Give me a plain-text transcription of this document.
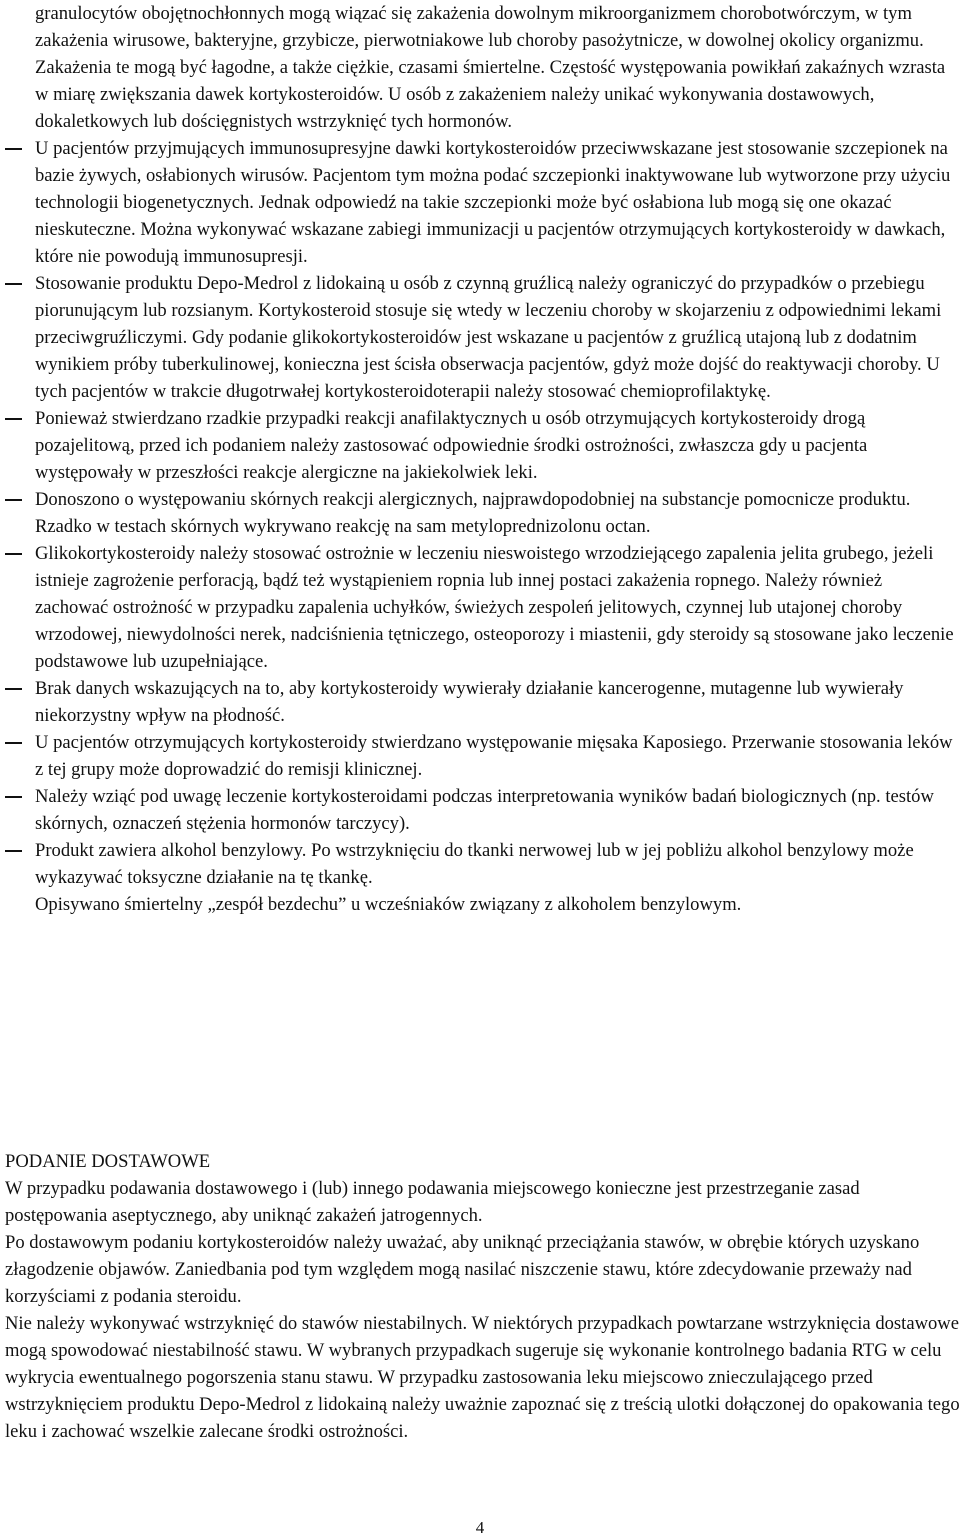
granulocytów obojętnochłonnych mogą wiązać się zakażenia dowolnym mikroorganizmem chorobotwórczym, w tym zakażenia wirusowe, bakteryjne, grzybicze, pierwotniakowe lub choroby pasożytnicze, w dowolnej okolicy organizmu. Zakażenia te mogą być łagodne, a także ciężkie, czasami śmiertelne. Częstość występowania powikłań zakaźnych wzrasta w miarę zwiększania dawek kortykosteroidów. U osób z zakażeniem należy unikać wykonywania dostawowych, dokaletkowych lub dościęgnistych wstrzyknięć tych hormonów.
U pacjentów przyjmujących immunosupresyjne dawki kortykosteroidów przeciwwskazane jest stosowanie szczepionek na bazie żywych, osłabionych wirusów. Pacjentom tym można podać szczepionki inaktywowane lub wytworzone przy użyciu technologii biogenetycznych. Jednak odpowiedź na takie szczepionki może być osłabiona lub mogą się one okazać nieskuteczne. Można wykonywać wskazane zabiegi immunizacji u pacjentów otrzymujących kortykosteroidy w dawkach, które nie powodują immunosupresji.
Stosowanie produktu Depo-Medrol z lidokainą u osób z czynną gruźlicą należy ograniczyć do przypadków o przebiegu piorunującym lub rozsianym. Kortykosteroid stosuje się wtedy w leczeniu choroby w skojarzeniu z odpowiednimi lekami przeciwgruźliczymi. Gdy podanie glikokortykosteroidów jest wskazane u pacjentów z gruźlicą utajoną lub z dodatnim wynikiem próby tuberkulinowej, konieczna jest ścisła obserwacja pacjentów, gdyż może dojść do reaktywacji choroby. U tych pacjentów w trakcie długotrwałej kortykosteroidoterapii należy stosować chemioprofilaktykę.
Ponieważ stwierdzano rzadkie przypadki reakcji anafilaktycznych u osób otrzymujących kortykosteroidy drogą pozajelitową, przed ich podaniem należy zastosować odpowiednie środki ostrożności, zwłaszcza gdy u pacjenta występowały w przeszłości reakcje alergiczne na jakiekolwiek leki.
Donoszono o występowaniu skórnych reakcji alergicznych, najprawdopodobniej na substancje pomocnicze produktu. Rzadko w testach skórnych wykrywano reakcję na sam metyloprednizolonu octan.
Glikokortykosteroidy należy stosować ostrożnie w leczeniu nieswoistego wrzodziejącego zapalenia jelita grubego, jeżeli istnieje zagrożenie perforacją, bądź też wystąpieniem ropnia lub innej postaci zakażenia ropnego. Należy również zachować ostrożność w przypadku zapalenia uchyłków, świeżych zespoleń jelitowych, czynnej lub utajonej choroby wrzodowej, niewydolności nerek, nadciśnienia tętniczego, osteoporozy i miastenii, gdy steroidy są stosowane jako leczenie podstawowe lub uzupełniające.
Brak danych wskazujących na to, aby kortykosteroidy wywierały działanie kancerogenne, mutagenne lub wywierały niekorzystny wpływ na płodność.
U pacjentów otrzymujących kortykosteroidy stwierdzano występowanie mięsaka Kaposiego. Przerwanie stosowania leków z tej grupy może doprowadzić do remisji klinicznej.
Należy wziąć pod uwagę leczenie kortykosteroidami podczas interpretowania wyników badań biologicznych (np. testów skórnych, oznaczeń stężenia hormonów tarczycy).
Produkt zawiera alkohol benzylowy. Po wstrzyknięciu do tkanki nerwowej lub w jej pobliżu alkohol benzylowy może wykazywać toksyczne działanie na tę tkankę.
Opisywano śmiertelny „zespół bezdechu” u wcześniaków związany z alkoholem benzylowym.

PODANIE DOSTAWOWE

W przypadku podawania dostawowego i (lub) innego podawania miejscowego konieczne jest przestrzeganie zasad postępowania aseptycznego, aby uniknąć zakażeń jatrogennych.

Po dostawowym podaniu kortykosteroidów należy uważać, aby uniknąć przeciążania stawów, w obrębie których uzyskano złagodzenie objawów. Zaniedbania pod tym względem mogą nasilać niszczenie stawu, które zdecydowanie przeważy nad korzyściami z podania steroidu.

Nie należy wykonywać wstrzyknięć do stawów niestabilnych. W niektórych przypadkach powtarzane wstrzyknięcia dostawowe mogą spowodować niestabilność stawu. W wybranych przypadkach sugeruje się wykonanie kontrolnego badania RTG w celu wykrycia ewentualnego pogorszenia stanu stawu. W przypadku zastosowania leku miejscowo znieczulającego przed wstrzyknięciem produktu Depo-Medrol z lidokainą należy uważnie zapoznać się z treścią ulotki dołączonej do opakowania tego leku i zachować wszelkie zalecane środki ostrożności.

4
